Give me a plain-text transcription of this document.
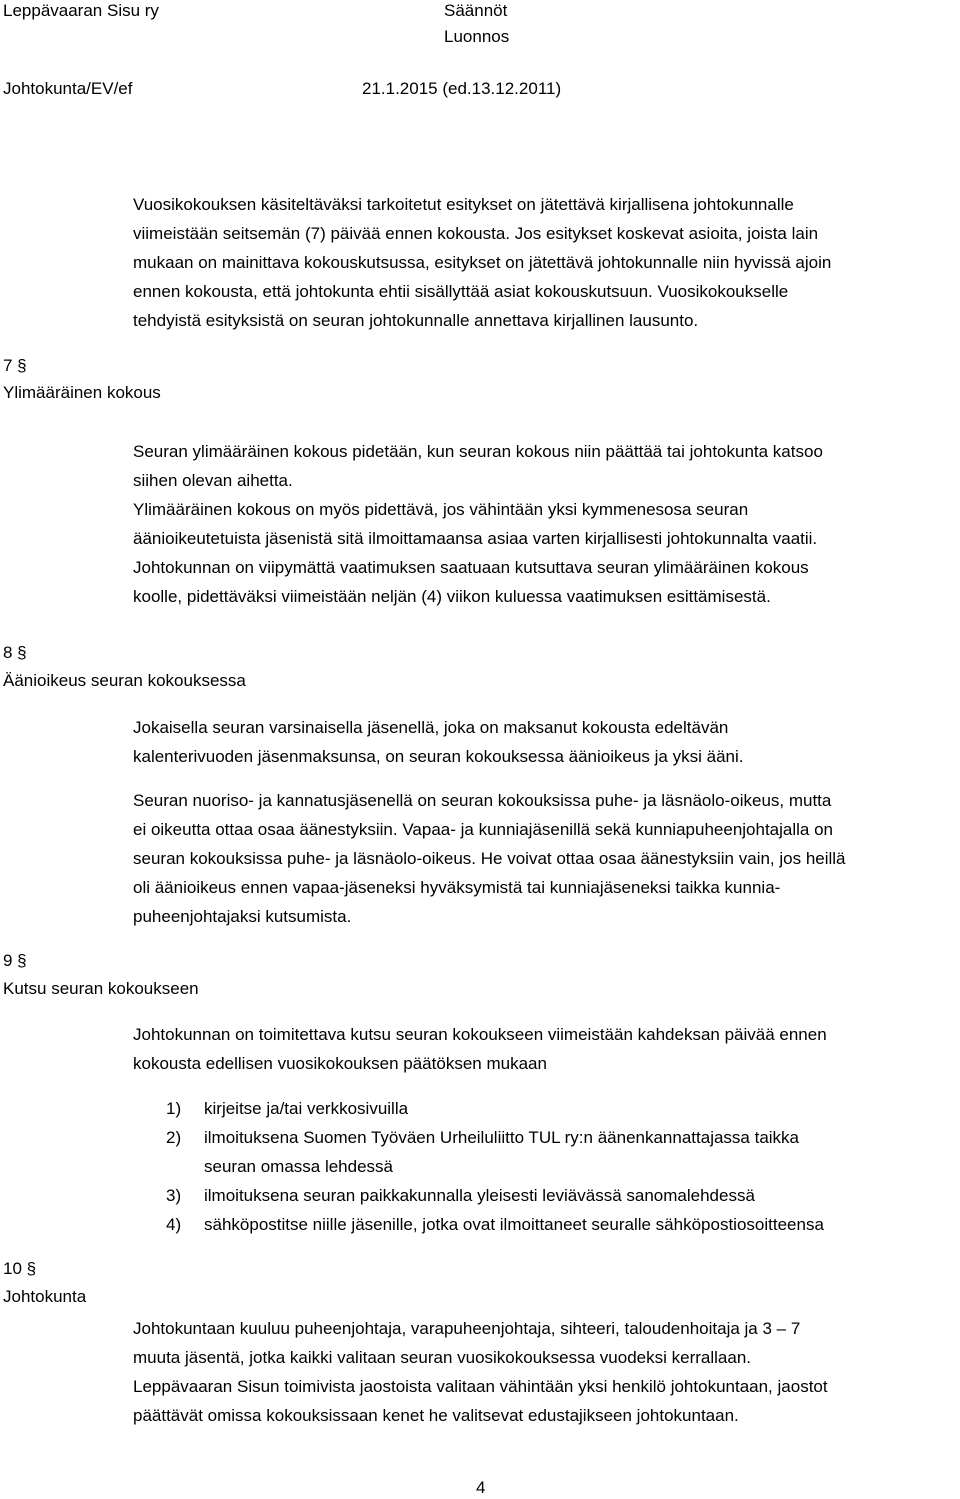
Leppävaaran Sisu ry	Säännöt
Luonnos
Johtokunta/EV/ef	21.1.2015 (ed.13.12.2011)
Vuosikokouksen käsiteltäväksi tarkoitetut esitykset on jätettävä kirjallisena johtokunnalle
viimeistään seitsemän (7) päivää ennen kokousta. Jos esitykset koskevat asioita, joista lain
mukaan on mainittava kokouskutsussa, esitykset on jätettävä johtokunnalle niin hyvissä ajoin
ennen kokousta, että johtokunta ehtii sisällyttää asiat kokouskutsuun. Vuosikokoukselle
tehdyistä esityksistä on seuran johtokunnalle annettava kirjallinen lausunto.
7 §
Ylimääräinen kokous
Seuran ylimääräinen kokous pidetään, kun seuran kokous niin päättää tai johtokunta katsoo
siihen olevan aihetta.
Ylimääräinen kokous on myös pidettävä, jos vähintään yksi kymmenesosa seuran
äänioikeutetuista jäsenistä sitä ilmoittamaansa asiaa varten kirjallisesti johtokunnalta vaatii.
Johtokunnan on viipymättä vaatimuksen saatuaan kutsuttava seuran ylimääräinen kokous
koolle, pidettäväksi viimeistään neljän (4) viikon kuluessa vaatimuksen esittämisestä.
8 §
Äänioikeus seuran kokouksessa
Jokaisella seuran varsinaisella jäsenellä, joka on maksanut kokousta edeltävän
kalenterivuoden jäsenmaksunsa, on seuran kokouksessa äänioikeus ja yksi ääni.
Seuran nuoriso- ja kannatusjäsenellä on seuran kokouksissa puhe- ja läsnäolo-oikeus, mutta
ei oikeutta ottaa osaa äänestyksiin. Vapaa- ja kunniajäsenillä sekä kunniapuheenjohtajalla on
seuran kokouksissa puhe- ja läsnäolo-oikeus. He voivat ottaa osaa äänestyksiin vain, jos heillä
oli äänioikeus ennen vapaa-jäseneksi hyväksymistä tai kunniajäseneksi taikka kunnia-
puheenjohtajaksi kutsumista.
9 §
Kutsu seuran kokoukseen
Johtokunnan on toimitettava kutsu seuran kokoukseen viimeistään kahdeksan päivää ennen
kokousta edellisen vuosikokouksen päätöksen mukaan
1) kirjeitse ja/tai verkkosivuilla
2) ilmoituksena Suomen Työväen Urheiluliitto TUL ry:n äänenkannattajassa taikka
seuran omassa lehdessä
3) ilmoituksena seuran paikkakunnalla yleisesti leviävässä sanomalehdessä
4) sähköpostitse niille jäsenille, jotka ovat ilmoittaneet seuralle sähköpostiosoitteensa
10 §
Johtokunta
Johtokuntaan kuuluu puheenjohtaja, varapuheenjohtaja, sihteeri, taloudenhoitaja ja 3 – 7
muuta jäsentä, jotka kaikki valitaan seuran vuosikokouksessa vuodeksi kerrallaan.
Leppävaaran Sisun toimivista jaostoista valitaan vähintään yksi henkilö johtokuntaan, jaostot
päättävät omissa kokouksissaan kenet he valitsevat edustajikseen johtokuntaan.
4
